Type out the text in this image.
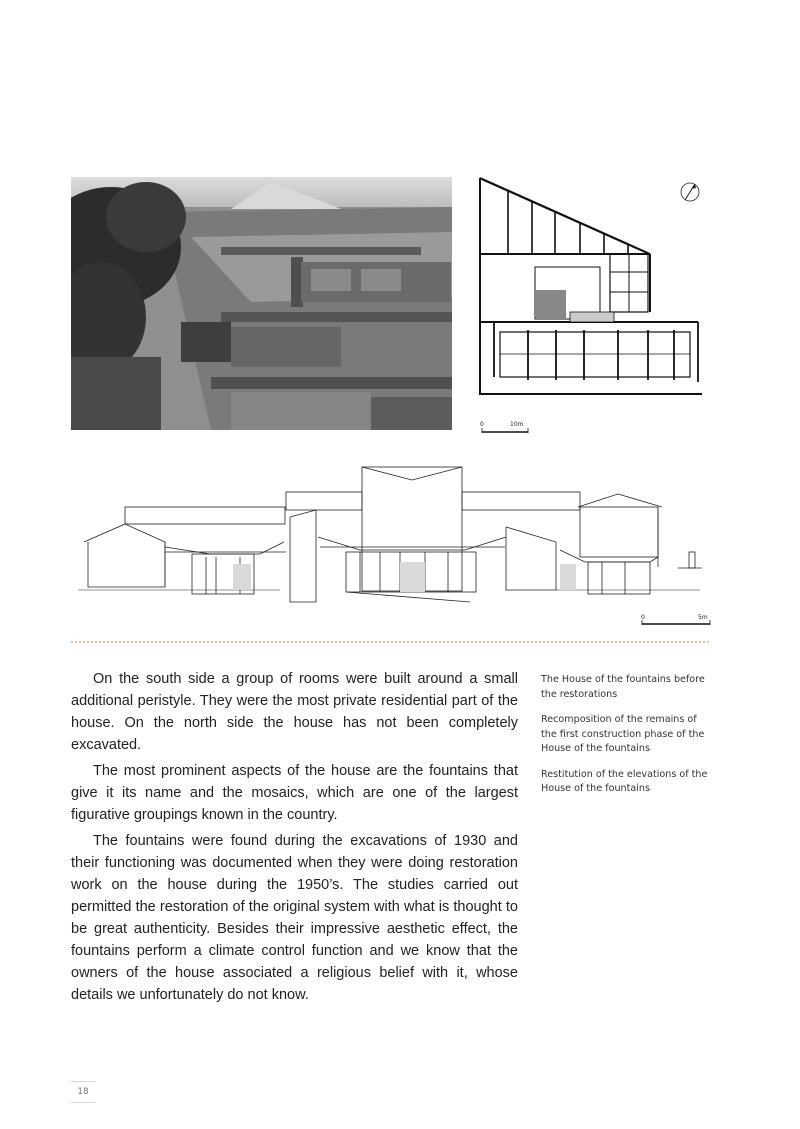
0	10m
0	5m

On the south side a group of rooms were built around a small additional peristyle. They were the most private residential part of the house. On the north side the house has not been completely excavated.

The most prominent aspects of the house are the fountains that give it its name and the mosaics, which are one of the largest figurative groupings known in the country.

The fountains were found during the excavations of 1930 and their functioning was documented when they were doing restoration work on the house during the 1950’s. The studies carried out permitted the restoration of the original system with what is thought to be great authenticity. Besides their impressive aesthetic effect, the fountains perform a climate control function and we know that the owners of the house associated a religious belief with it, whose details we unfortunately do not know.

The House of the fountains before the restorations
Recomposition of the remains of the first construction phase of the House of the fountains
Restitution of the elevations of the House of the fountains
18
